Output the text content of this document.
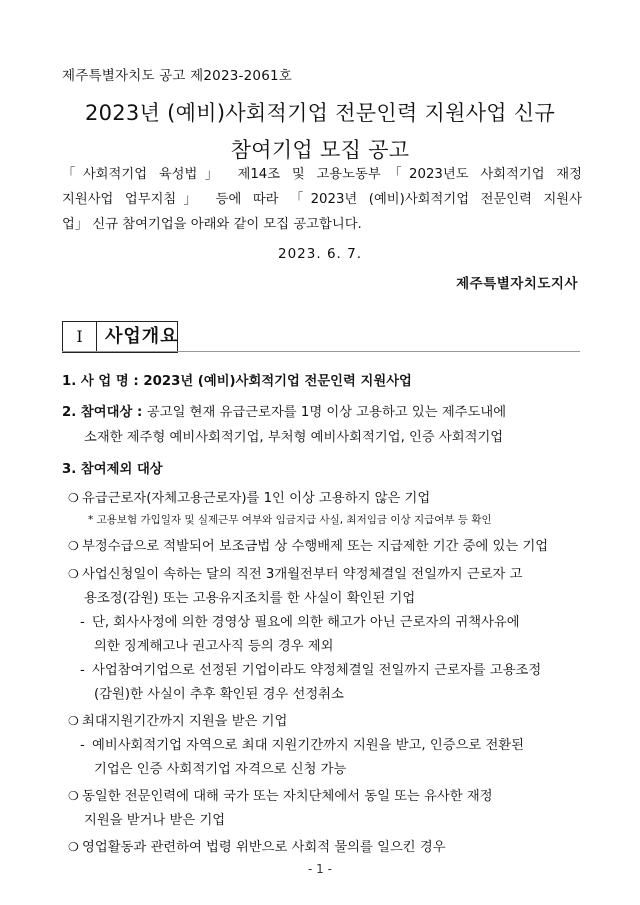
제주특별자치도 공고 제2023-2061호
2023년 (예비)사회적기업 전문인력 지원사업 신규
참여기업 모집 공고
「사회적기업 육성법」 제14조 및 고용노동부「2023년도 사회적기업 재정
지원사업 업무지침」 등에 따라 「2023년 (예비)사회적기업 전문인력 지원사
업」 신규 참여기업을 아래와 같이 모집 공고합니다.
2023. 6. 7.
제주특별자치도지사
I	사업개요
1. 사 업 명 : 2023년 (예비)사회적기업 전문인력 지원사업
2. 참여대상 : 공고일 현재 유급근로자를 1명 이상 고용하고 있는 제주도내에
소재한 제주형 예비사회적기업, 부처형 예비사회적기업, 인증 사회적기업
3. 참여제외 대상
❍ 유급근로자(자체고용근로자)를 1인 이상 고용하지 않은 기업
* 고용보험 가입일자 및 실제근무 여부와 임금지급 사실, 최저임금 이상 지급여부 등 확인
❍ 부정수급으로 적발되어 보조금법 상 수행배제 또는 지급제한 기간 중에 있는 기업
❍ 사업신청일이 속하는 달의 직전 3개월전부터 약정체결일 전일까지 근로자 고
용조정(감원) 또는 고용유지조치를 한 사실이 확인된 기업
- 단, 회사사정에 의한 경영상 필요에 의한 해고가 아닌 근로자의 귀책사유에
의한 징계해고나 권고사직 등의 경우 제외
- 사업참여기업으로 선정된 기업이라도 약정체결일 전일까지 근로자를 고용조정
(감원)한 사실이 추후 확인된 경우 선정취소
❍ 최대지원기간까지 지원을 받은 기업
- 예비사회적기업 자역으로 최대 지원기간까지 지원을 받고, 인증으로 전환된
기업은 인증 사회적기업 자격으로 신청 가능
❍ 동일한 전문인력에 대해 국가 또는 자치단체에서 동일 또는 유사한 재정
지원을 받거나 받은 기업
❍ 영업활동과 관련하여 법령 위반으로 사회적 물의를 일으킨 경우
- 1 -
